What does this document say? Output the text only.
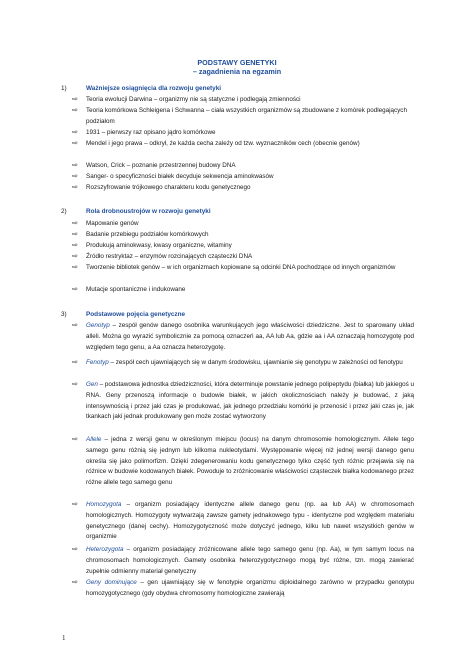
PODSTAWY GENETYKI
– zagadnienia na egzamin
1)	Ważniejsze osiągnięcia dla rozwoju genetyki
⇨	Teoria ewolucji Darwina – organizmy nie są statyczne i podlegają zmienności
⇨	Teoria komórkowa Schleigena i Schwanna – ciała wszystkich organizmów są zbudowane z komórek podlegających podziałom
⇨	1931 – pierwszy raz opisano jądro komórkowe
⇨	Mendel i jego prawa – odkrył, że każda cecha zależy od tzw. wyznaczników cech (obecnie genów)
⇨	Watson, Crick – poznanie przestrzennej budowy DNA
⇨	Sanger- o specyficzności białek decyduje sekwencja aminokwasów
⇨	Rozszyfrowanie trójkowego charakteru kodu genetycznego
2)	Rola drobnoustrojów w rozwoju genetyki
⇨	Mapowanie genów
⇨	Badanie przebiegu podziałów komórkowych
⇨	Produkują aminokwasy, kwasy organiczne, witaminy
⇨	Źródło restryktaz – enzymów rozcinających cząsteczki DNA
⇨	Tworzenie bibliotek genów – w ich organizmach kopiowane są odcinki DNA pochodzące od innych organizmów
⇨	Mutacje spontaniczne i indukowane
3)	Podstawowe pojęcia genetyczne
⇨	Genotyp – zespół genów danego osobnika warunkujących jego właściwości dziedziczne. Jest to sparowany układ alleli. Można go wyrazić symbolicznie za pomocą oznaczeń aa, AA lub Aa, gdzie aa i AA oznaczają homozygotę pod względem tego genu, a Aa oznacza heterozygotę.
⇨	Fenotyp – zespół cech ujawniających się w danym środowisku, ujawnianie się genotypu w zależności od fenotypu
⇨	Gen – podstawowa jednostka dziedziczności, która determinuje powstanie jednego polipeptydu (białka) lub jakiegoś u RNA. Geny przenoszą informacje o budowie białek, w jakich okolicznościach należy je budować, z jaką intensywnością i przez jaki czas je produkować, jak jednego przedziału komórki je przenosić i przez jaki czas je, jak tkankach jaki jednak produkowany gen może zostać wytworzony
⇨	Allele – jedna z wersji genu w określonym miejscu (locus) na danym chromosomie homologicznym. Allele tego samego genu różnią się jednym lub kilkoma nukleotydami. Występowanie więcej niż jednej wersji danego genu określa się jako polimorfizm. Dzięki zdegenerowaniu kodu genetycznego tylko część tych różnic przejawia się na różnice w budowie kodowanych białek. Powoduje to zróżnicowanie właściwości cząsteczek białka kodowanego przez różne allele tego samego genu
⇨	Homozygota – organizm posiadający identyczne allele danego genu (np. aa lub AA) w chromosomach homologicznych. Homozygoty wytwarzają zawsze gamety jednakowego typu - identyczne pod względem materiału genetycznego (danej cechy). Homozygotyczność może dotyczyć jednego, kilku lub nawet wszystkich genów w organizmie
⇨	Heterozygota – organizm posiadający zróżnicowane allele tego samego genu (np. Aa), w tym samym locus na chromosomach homologicznych. Gamety osobnika heterozygotycznego mogą być różne, tzn. mogą zawierać zupełnie odmienny materiał genetyczny
⇨	Geny dominujące – gen ujawniający się w fenotypie organizmu diploidalnego zarówno w przypadku genotypu homozygotycznego (gdy obydwa chromosomy homologiczne zawierają
1
